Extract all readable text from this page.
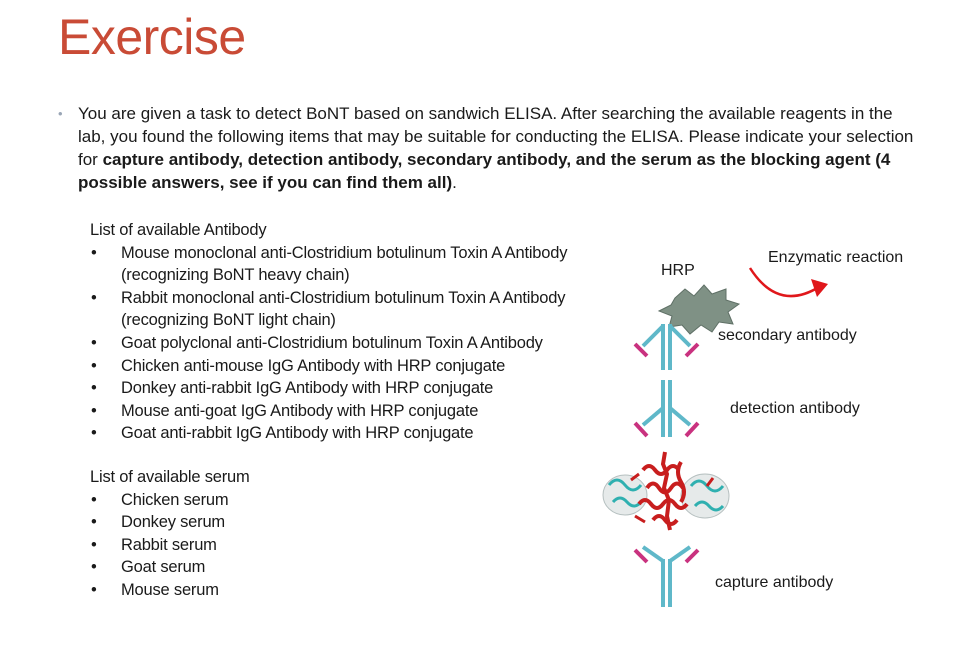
Exercise
• You are given a task to detect BoNT based on sandwich ELISA. After searching the available reagents in the lab, you found the following items that may be suitable for conducting the ELISA. Please indicate your selection for capture antibody, detection antibody, secondary antibody, and the serum as the blocking agent (4 possible answers, see if you can find them all).

List of available Antibody

• Mouse monoclonal anti-Clostridium botulinum Toxin A Antibody (recognizing BoNT heavy chain)
• Rabbit monoclonal anti-Clostridium botulinum Toxin A Antibody (recognizing BoNT light chain)
• Goat polyclonal anti-Clostridium botulinum Toxin A Antibody
• Chicken anti-mouse IgG Antibody with HRP conjugate
• Donkey anti-rabbit IgG Antibody with HRP conjugate
• Mouse anti-goat IgG Antibody with HRP conjugate
• Goat anti-rabbit IgG Antibody with HRP conjugate

List of available serum

• Chicken serum
• Donkey serum
• Rabbit serum
• Goat serum
• Mouse serum
HRP
Enzymatic reaction
secondary antibody
detection antibody
capture antibody
